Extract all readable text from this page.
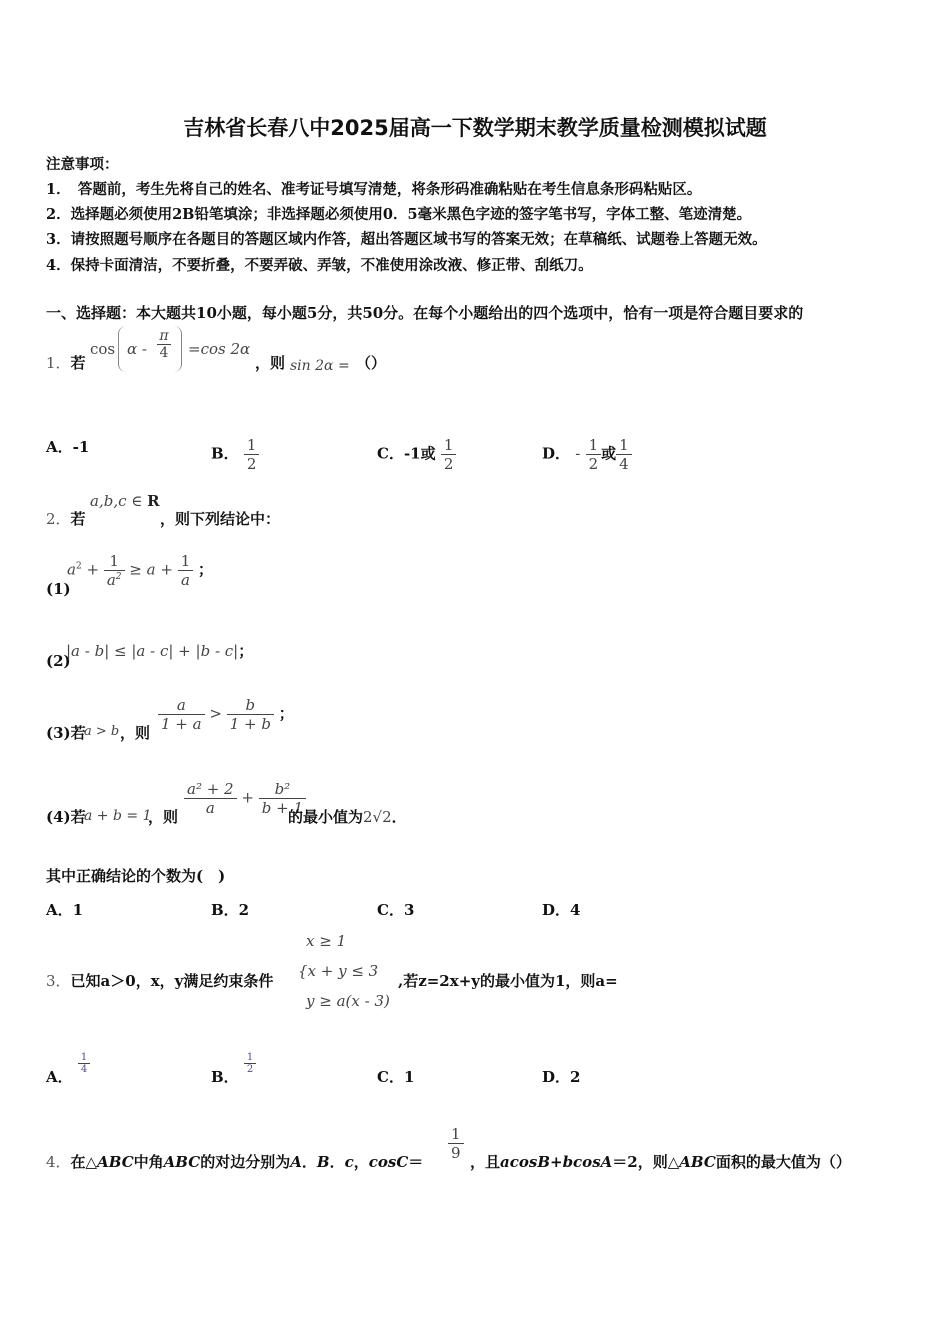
吉林省长春八中2025届高一下数学期末教学质量检测模拟试题
注意事项：
1．　答题前，考生先将自己的姓名、准考证号填写清楚，将条形码准确粘贴在考生信息条形码粘贴区。
2．选择题必须使用2B铅笔填涂；非选择题必须使用0．5毫米黑色字迹的签字笔书写，字体工整、笔迹清楚。
3．请按照题号顺序在各题目的答题区域内作答，超出答题区域书写的答案无效；在草稿纸、试题卷上答题无效。
4．保持卡面清洁，不要折叠，不要弄破、弄皱，不准使用涂改液、修正带、刮纸刀。
一、选择题：本大题共10小题，每小题5分，共50分。在每个小题给出的四个选项中，恰有一项是符合题目要求的
1．若
cos α -
π
4 =cos 2α
，则 sin 2α = （）
A．-1	B． $\frac{1}{2}$	C．-1或 $\frac{1}{2}$	D． - $\frac{1}{2}$ 或 $\frac{1}{4}$
2．若
a,b,c ∈ R
，则下列结论中：
(1)
$a^2 + \frac{1}{a^2} \ge a + \frac{1}{a}$ ；
(2)
|a - b| ≤ |a - c| + |b - c|；
(3)若
a > b ，则 $\frac{a}{1 + a} > \frac{b}{1 + b}$ ；
(4)若
a + b = 1
，则 $\frac{\text{a² + 2}}{a} + \frac{\text{b²}}{b + 1}$
的最小值为2√2．
其中正确结论的个数为(　)
A．1	B．2	C．3	D．4
x ≥ 1
{x + y ≤ 3
y ≥ a(x - 3)
3．已知a＞0，x，y满足约束条件	,若z=2x+y的最小值为1，则a=
A．
$\frac{1}{4}$
B．
$\frac{1}{2}$
C．1	D．2
4．在△ABC中角ABC的对边分别为A．B．c，$\cos C= \frac{1}{9}$ ，且acosB+bcosA＝2，则△ABC面积的最大值为（）
